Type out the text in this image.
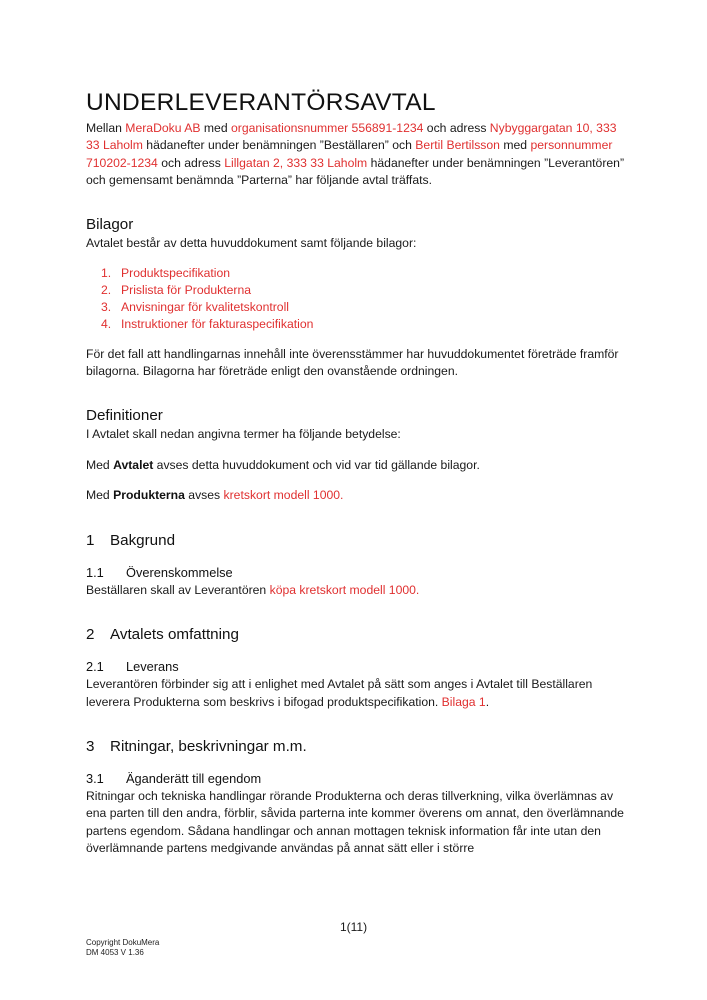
UNDERLEVERANTÖRSAVTAL

Mellan MeraDoku AB med organisationsnummer 556891-1234 och adress Nybyggargatan 10, 333 33 Laholm hädanefter under benämningen ”Beställaren” och Bertil Bertilsson med personnummer 710202-1234 och adress Lillgatan 2, 333 33 Laholm hädanefter under benämningen ”Leverantören” och gemensamt benämnda ”Parterna” har följande avtal träffats.

Bilagor

Avtalet består av detta huvuddokument samt följande bilagor:

1. Produktspecifikation
2. Prislista för Produkterna
3. Anvisningar för kvalitetskontroll
4. Instruktioner för fakturaspecifikation

För det fall att handlingarnas innehåll inte överensstämmer har huvuddokumentet företräde framför bilagorna. Bilagorna har företräde enligt den ovanstående ordningen.

Definitioner

I Avtalet skall nedan angivna termer ha följande betydelse:

Med Avtalet avses detta huvuddokument och vid var tid gällande bilagor.

Med Produkterna avses kretskort modell 1000.

1 Bakgrund
1.1 Överenskommelse

Beställaren skall av Leverantören köpa kretskort modell 1000.

2 Avtalets omfattning
2.1 Leverans

Leverantören förbinder sig att i enlighet med Avtalet på sätt som anges i Avtalet till Beställaren leverera Produkterna som beskrivs i bifogad produktspecifikation. Bilaga 1.

3 Ritningar, beskrivningar m.m.
3.1 Äganderätt till egendom

Ritningar och tekniska handlingar rörande Produkterna och deras tillverkning, vilka överlämnas av ena parten till den andra, förblir, såvida parterna inte kommer överens om annat, den överlämnande partens egendom. Sådana handlingar och annan mottagen teknisk information får inte utan den överlämnande partens medgivande användas på annat sätt eller i större

1(11)
Copyright DokuMera
DM 4053 V 1.36
